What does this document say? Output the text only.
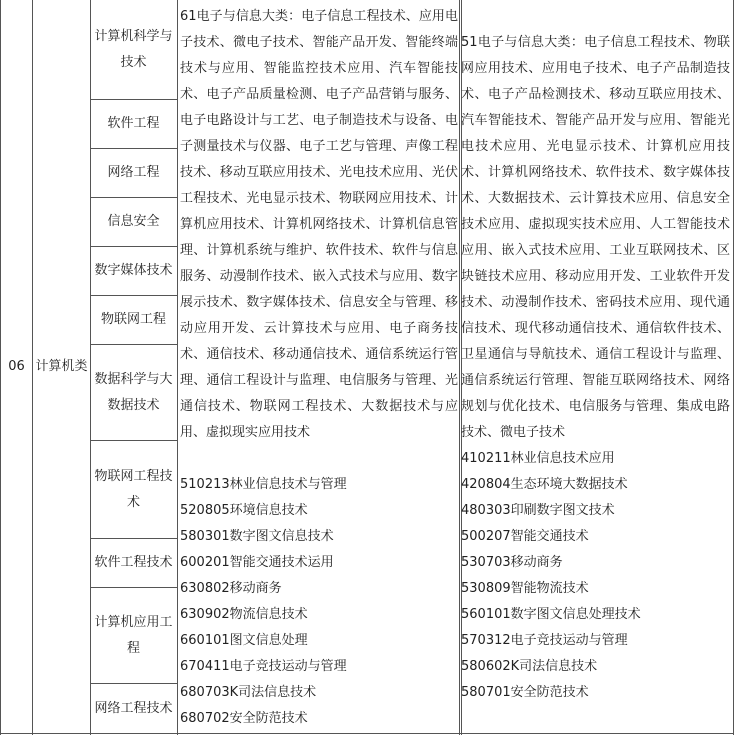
06 计算机类
计算机科学与技术
软件工程
网络工程
信息安全
数字媒体技术
物联网工程
数据科学与大数据技术
物联网工程技术
软件工程技术
计算机应用工程
网络工程技术

61电子与信息大类：电子信息工程技术、应用电子技术、微电子技术、智能产品开发、智能终端技术与应用、智能监控技术应用、汽车智能技术、电子产品质量检测、电子产品营销与服务、电子电路设计与工艺、电子制造技术与设备、电子测量技术与仪器、电子工艺与管理、声像工程技术、移动互联应用技术、光电技术应用、光伏工程技术、光电显示技术、物联网应用技术、计算机应用技术、计算机网络技术、计算机信息管理、计算机系统与维护、软件技术、软件与信息服务、动漫制作技术、嵌入式技术与应用、数字展示技术、数字媒体技术、信息安全与管理、移动应用开发、云计算技术与应用、电子商务技术、通信技术、移动通信技术、通信系统运行管理、通信工程设计与监理、电信服务与管理、光通信技术、物联网工程技术、大数据技术与应用、虚拟现实应用技术

510213林业信息技术与管理
520805环境信息技术
580301数字图文信息技术
600201智能交通技术运用
630802移动商务
630902物流信息技术
660101图文信息处理
670411电子竞技运动与管理
680703K司法信息技术
680702安全防范技术

51电子与信息大类：电子信息工程技术、物联网应用技术、应用电子技术、电子产品制造技术、电子产品检测技术、移动互联应用技术、汽车智能技术、智能产品开发与应用、智能光电技术应用、光电显示技术、计算机应用技术、计算机网络技术、软件技术、数字媒体技术、大数据技术、云计算技术应用、信息安全技术应用、虚拟现实技术应用、人工智能技术应用、嵌入式技术应用、工业互联网技术、区块链技术应用、移动应用开发、工业软件开发技术、动漫制作技术、密码技术应用、现代通信技术、现代移动通信技术、通信软件技术、卫星通信与导航技术、通信工程设计与监理、通信系统运行管理、智能互联网络技术、网络规划与优化技术、电信服务与管理、集成电路技术、微电子技术

410211林业信息技术应用
420804生态环境大数据技术
480303印刷数字图文技术
500207智能交通技术
530703移动商务
530809智能物流技术
560101数字图文信息处理技术
570312电子竞技运动与管理
580602K司法信息技术
580701安全防范技术
